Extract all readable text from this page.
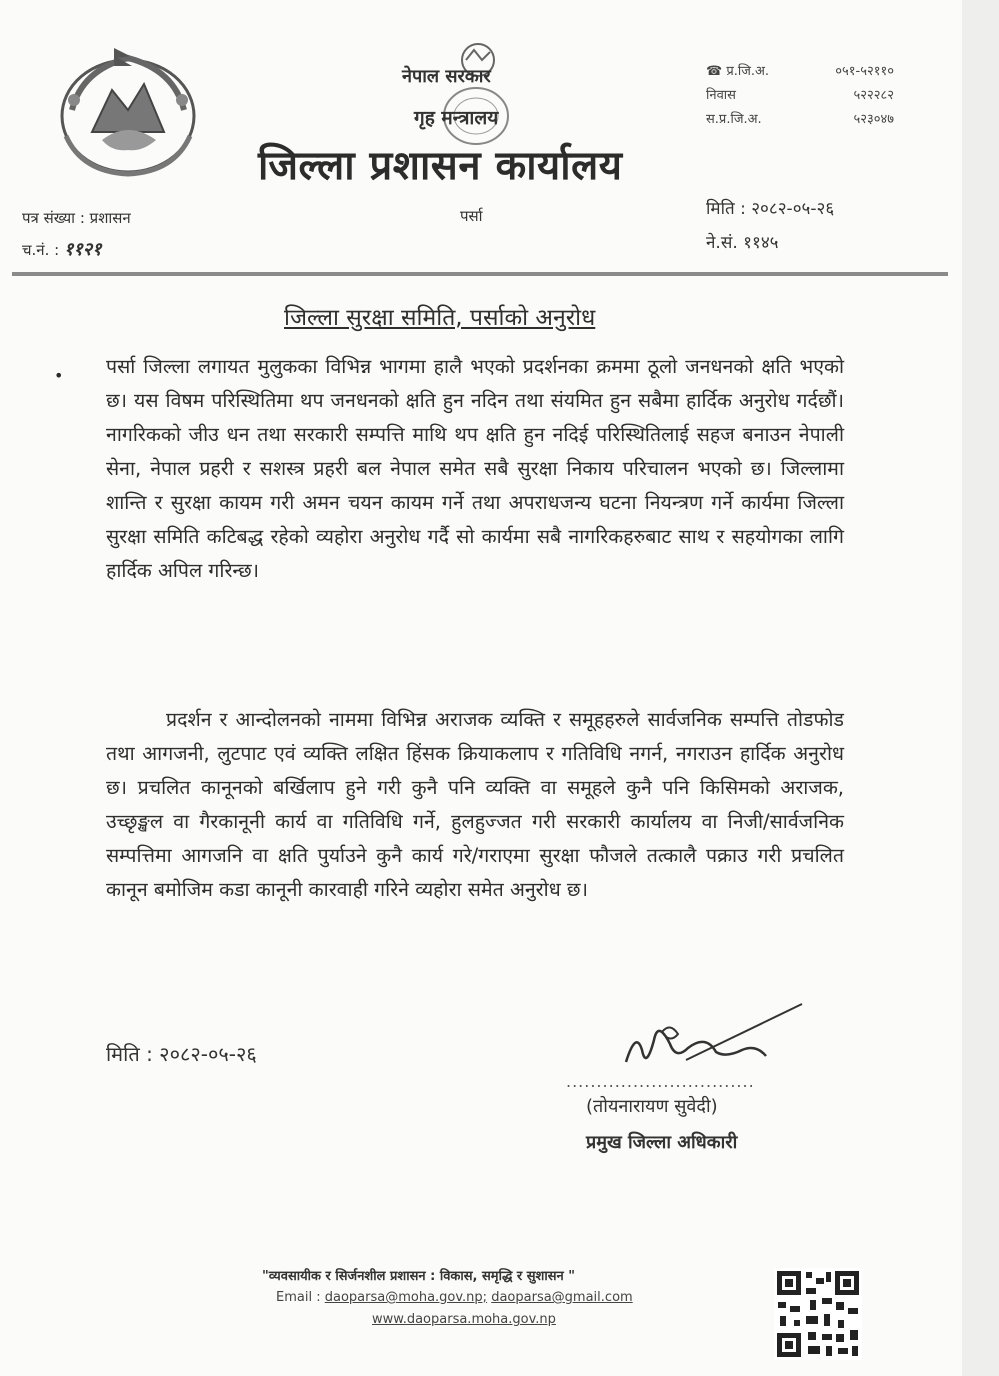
नेपाल सरकार
गृह मन्त्रालय
जिल्ला प्रशासन कार्यालय
☎ प्र.जि.अ.	०५१-५२११०
निवास	५२२२८२
स.प्र.जि.अ.	५२३०४७
पत्र संख्या : प्रशासन
च.नं. : ११२१
पर्सा	मिति : २०८२-०५-२६
ने.सं. ११४५
जिल्ला सुरक्षा समिति, पर्साको अनुरोध
• पर्सा जिल्ला लगायत मुलुकका विभिन्न भागमा हालै भएको प्रदर्शनका क्रममा ठूलो जनधनको क्षति भएको छ। यस विषम परिस्थितिमा थप जनधनको क्षति हुन नदिन तथा संयमित हुन सबैमा हार्दिक अनुरोध गर्दछौं। नागरिकको जीउ धन तथा सरकारी सम्पत्ति माथि थप क्षति हुन नदिई परिस्थितिलाई सहज बनाउन नेपाली सेना, नेपाल प्रहरी र सशस्त्र प्रहरी बल नेपाल समेत सबै सुरक्षा निकाय परिचालन भएको छ। जिल्लामा शान्ति र सुरक्षा कायम गरी अमन चयन कायम गर्ने तथा अपराधजन्य घटना नियन्त्रण गर्ने कार्यमा जिल्ला सुरक्षा समिति कटिबद्ध रहेको व्यहोरा अनुरोध गर्दै सो कार्यमा सबै नागरिकहरुबाट साथ र सहयोगका लागि हार्दिक अपिल गरिन्छ।
प्रदर्शन र आन्दोलनको नाममा विभिन्न अराजक व्यक्ति र समूहहरुले सार्वजनिक सम्पत्ति तोडफोड तथा आगजनी, लुटपाट एवं व्यक्ति लक्षित हिंसक क्रियाकलाप र गतिविधि नगर्न, नगराउन हार्दिक अनुरोध छ। प्रचलित कानूनको बर्खिलाप हुने गरी कुनै पनि व्यक्ति वा समूहले कुनै पनि किसिमको अराजक, उच्छृङ्खल वा गैरकानूनी कार्य वा गतिविधि गर्ने, हुलहुज्जत गरी सरकारी कार्यालय वा निजी/सार्वजनिक सम्पत्तिमा आगजनि वा क्षति पुर्याउने कुनै कार्य गरे/गराएमा सुरक्षा फौजले तत्कालै पक्राउ गरी प्रचलित कानून बमोजिम कडा कानूनी कारवाही गरिने व्यहोरा समेत अनुरोध छ।
मिति : २०८२-०५-२६
...............................
(तोयनारायण सुवेदी)
प्रमुख जिल्ला अधिकारी
"व्यवसायीक र सिर्जनशील प्रशासन : विकास, समृद्धि र सुशासन "
Email : daoparsa@moha.gov.np; daoparsa@gmail.com
www.daoparsa.moha.gov.np
